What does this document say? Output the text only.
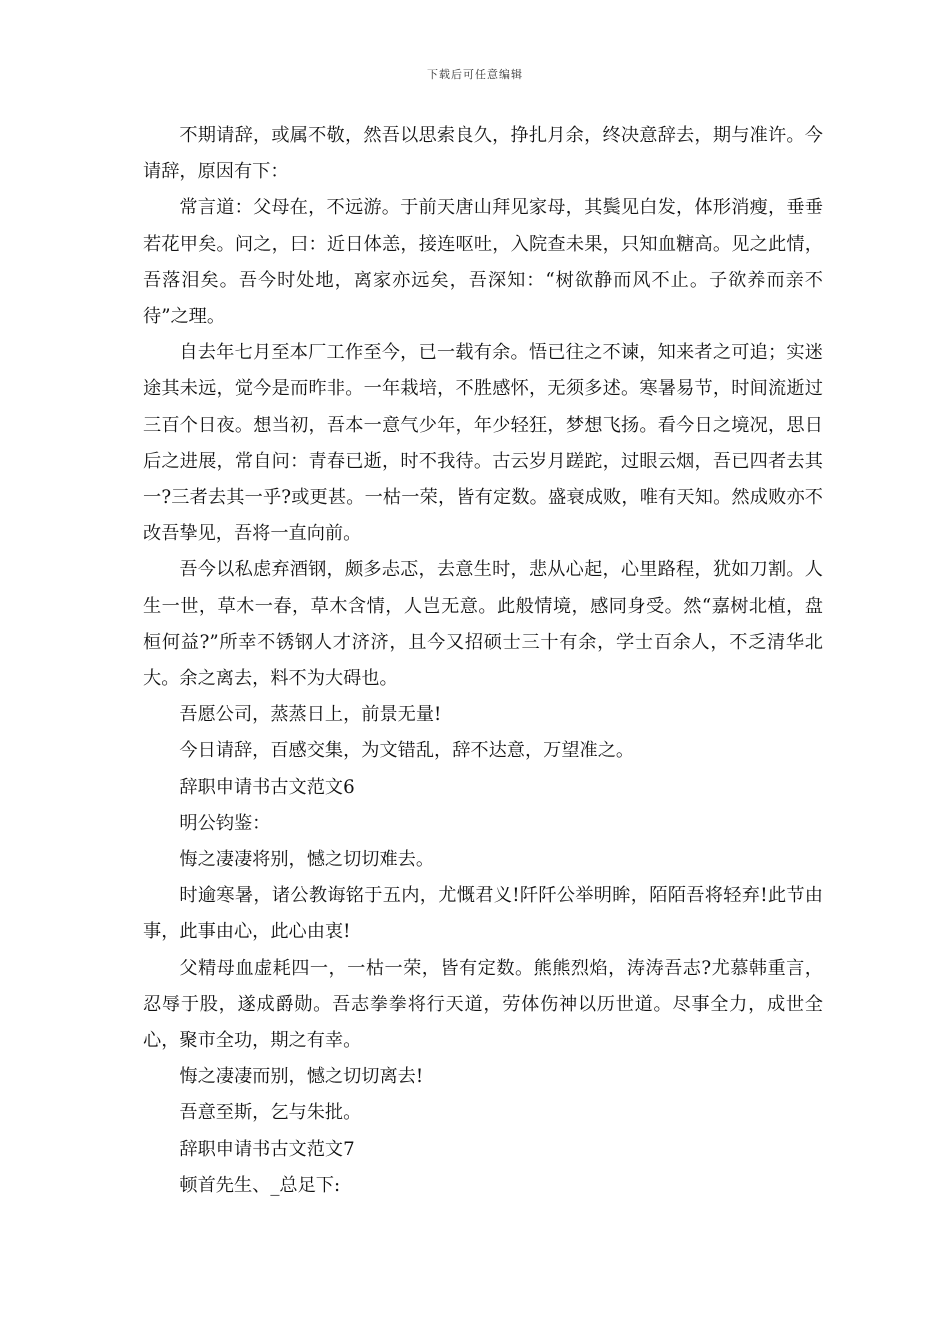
下载后可任意编辑

不期请辞，或属不敬，然吾以思索良久，挣扎月余，终决意辞去，期与准许。今请辞，原因有下：

常言道：父母在，不远游。于前天唐山拜见家母，其鬓见白发，体形消瘦，垂垂若花甲矣。问之，曰：近日体恙，接连呕吐，入院查未果，只知血糖高。见之此情，吾落泪矣。吾今时处地，离家亦远矣，吾深知：“树欲静而风不止。子欲养而亲不待”之理。

自去年七月至本厂工作至今，已一载有余。悟已往之不谏，知来者之可追；实迷途其未远，觉今是而昨非。一年栽培，不胜感怀，无须多述。寒暑易节，时间流逝过三百个日夜。想当初，吾本一意气少年，年少轻狂，梦想飞扬。看今日之境况，思日后之进展，常自问：青春已逝，时不我待。古云岁月蹉跎，过眼云烟，吾已四者去其一?三者去其一乎?或更甚。一枯一荣，皆有定数。盛衰成败，唯有天知。然成败亦不改吾挚见，吾将一直向前。

吾今以私虑弃酒钢，颇多忐忑，去意生时，悲从心起，心里路程，犹如刀割。人生一世，草木一春，草木含情，人岂无意。此般情境，感同身受。然“嘉树北植，盘桓何益?”所幸不锈钢人才济济，且今又招硕士三十有余，学士百余人，不乏清华北大。余之离去，料不为大碍也。

吾愿公司，蒸蒸日上，前景无量!

今日请辞，百感交集，为文错乱，辞不达意，万望准之。

辞职申请书古文范文6

明公钧鉴：

悔之凄凄将别，憾之切切难去。

时逾寒暑，诸公教诲铭于五内，尤慨君义!阡阡公举明眸，陌陌吾将轻弃!此节由事，此事由心，此心由衷!

父精母血虚耗四一，一枯一荣，皆有定数。熊熊烈焰，涛涛吾志?尤慕韩重言，忍辱于股，遂成爵勋。吾志拳拳将行天道，劳体伤神以历世道。尽事全力，成世全心，聚市全功，期之有幸。

悔之凄凄而别，憾之切切离去!

吾意至斯，乞与朱批。

辞职申请书古文范文7

顿首先生、_总足下:
